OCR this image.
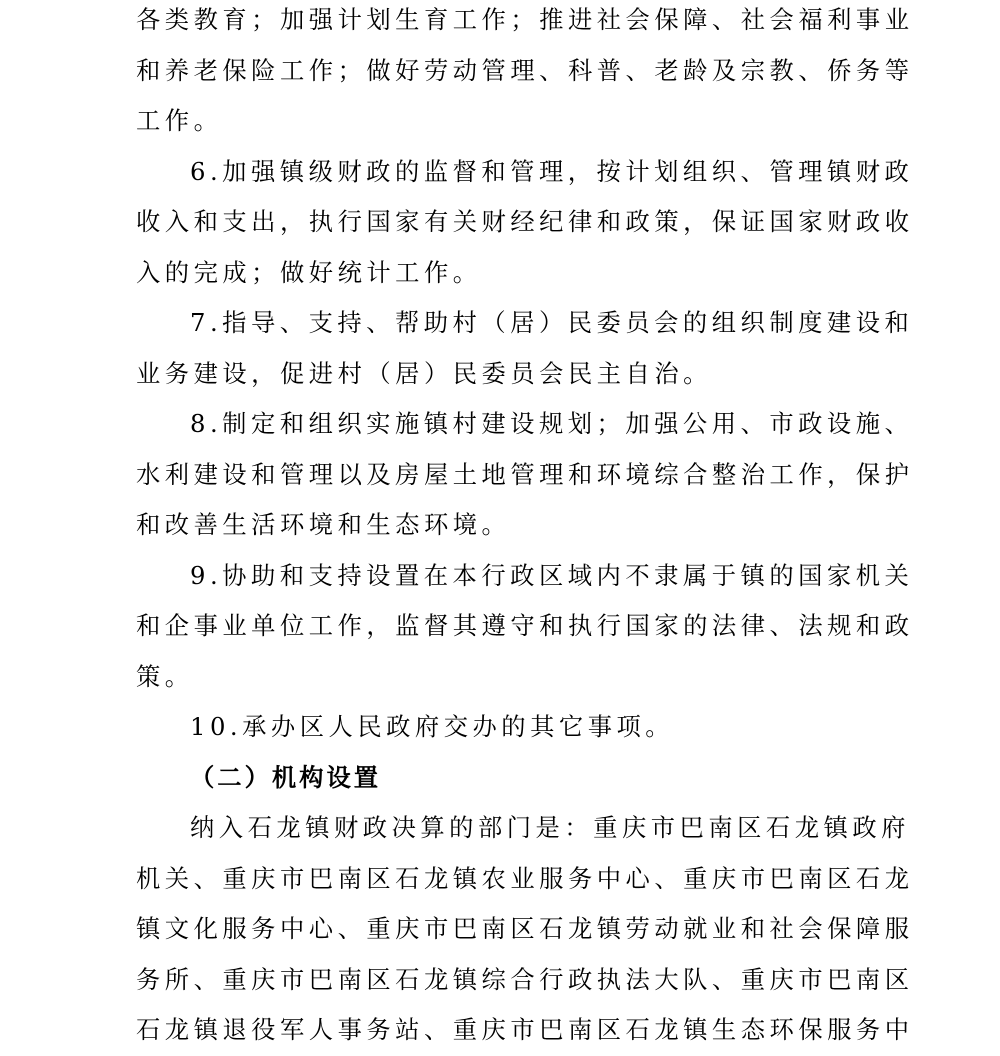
各类教育；加强计划生育工作；推进社会保障、社会福利事业

和养老保险工作；做好劳动管理、科普、老龄及宗教、侨务等

工作。

6.加强镇级财政的监督和管理，按计划组织、管理镇财政

收入和支出，执行国家有关财经纪律和政策，保证国家财政收

入的完成；做好统计工作。

7.指导、支持、帮助村（居）民委员会的组织制度建设和

业务建设，促进村（居）民委员会民主自治。

8.制定和组织实施镇村建设规划；加强公用、市政设施、

水利建设和管理以及房屋土地管理和环境综合整治工作，保护

和改善生活环境和生态环境。

9.协助和支持设置在本行政区域内不隶属于镇的国家机关

和企事业单位工作，监督其遵守和执行国家的法律、法规和政

策。

10.承办区人民政府交办的其它事项。

（二）机构设置

纳入石龙镇财政决算的部门是：重庆市巴南区石龙镇政府

机关、重庆市巴南区石龙镇农业服务中心、重庆市巴南区石龙

镇文化服务中心、重庆市巴南区石龙镇劳动就业和社会保障服

务所、重庆市巴南区石龙镇综合行政执法大队、重庆市巴南区

石龙镇退役军人事务站、重庆市巴南区石龙镇生态环保服务中
